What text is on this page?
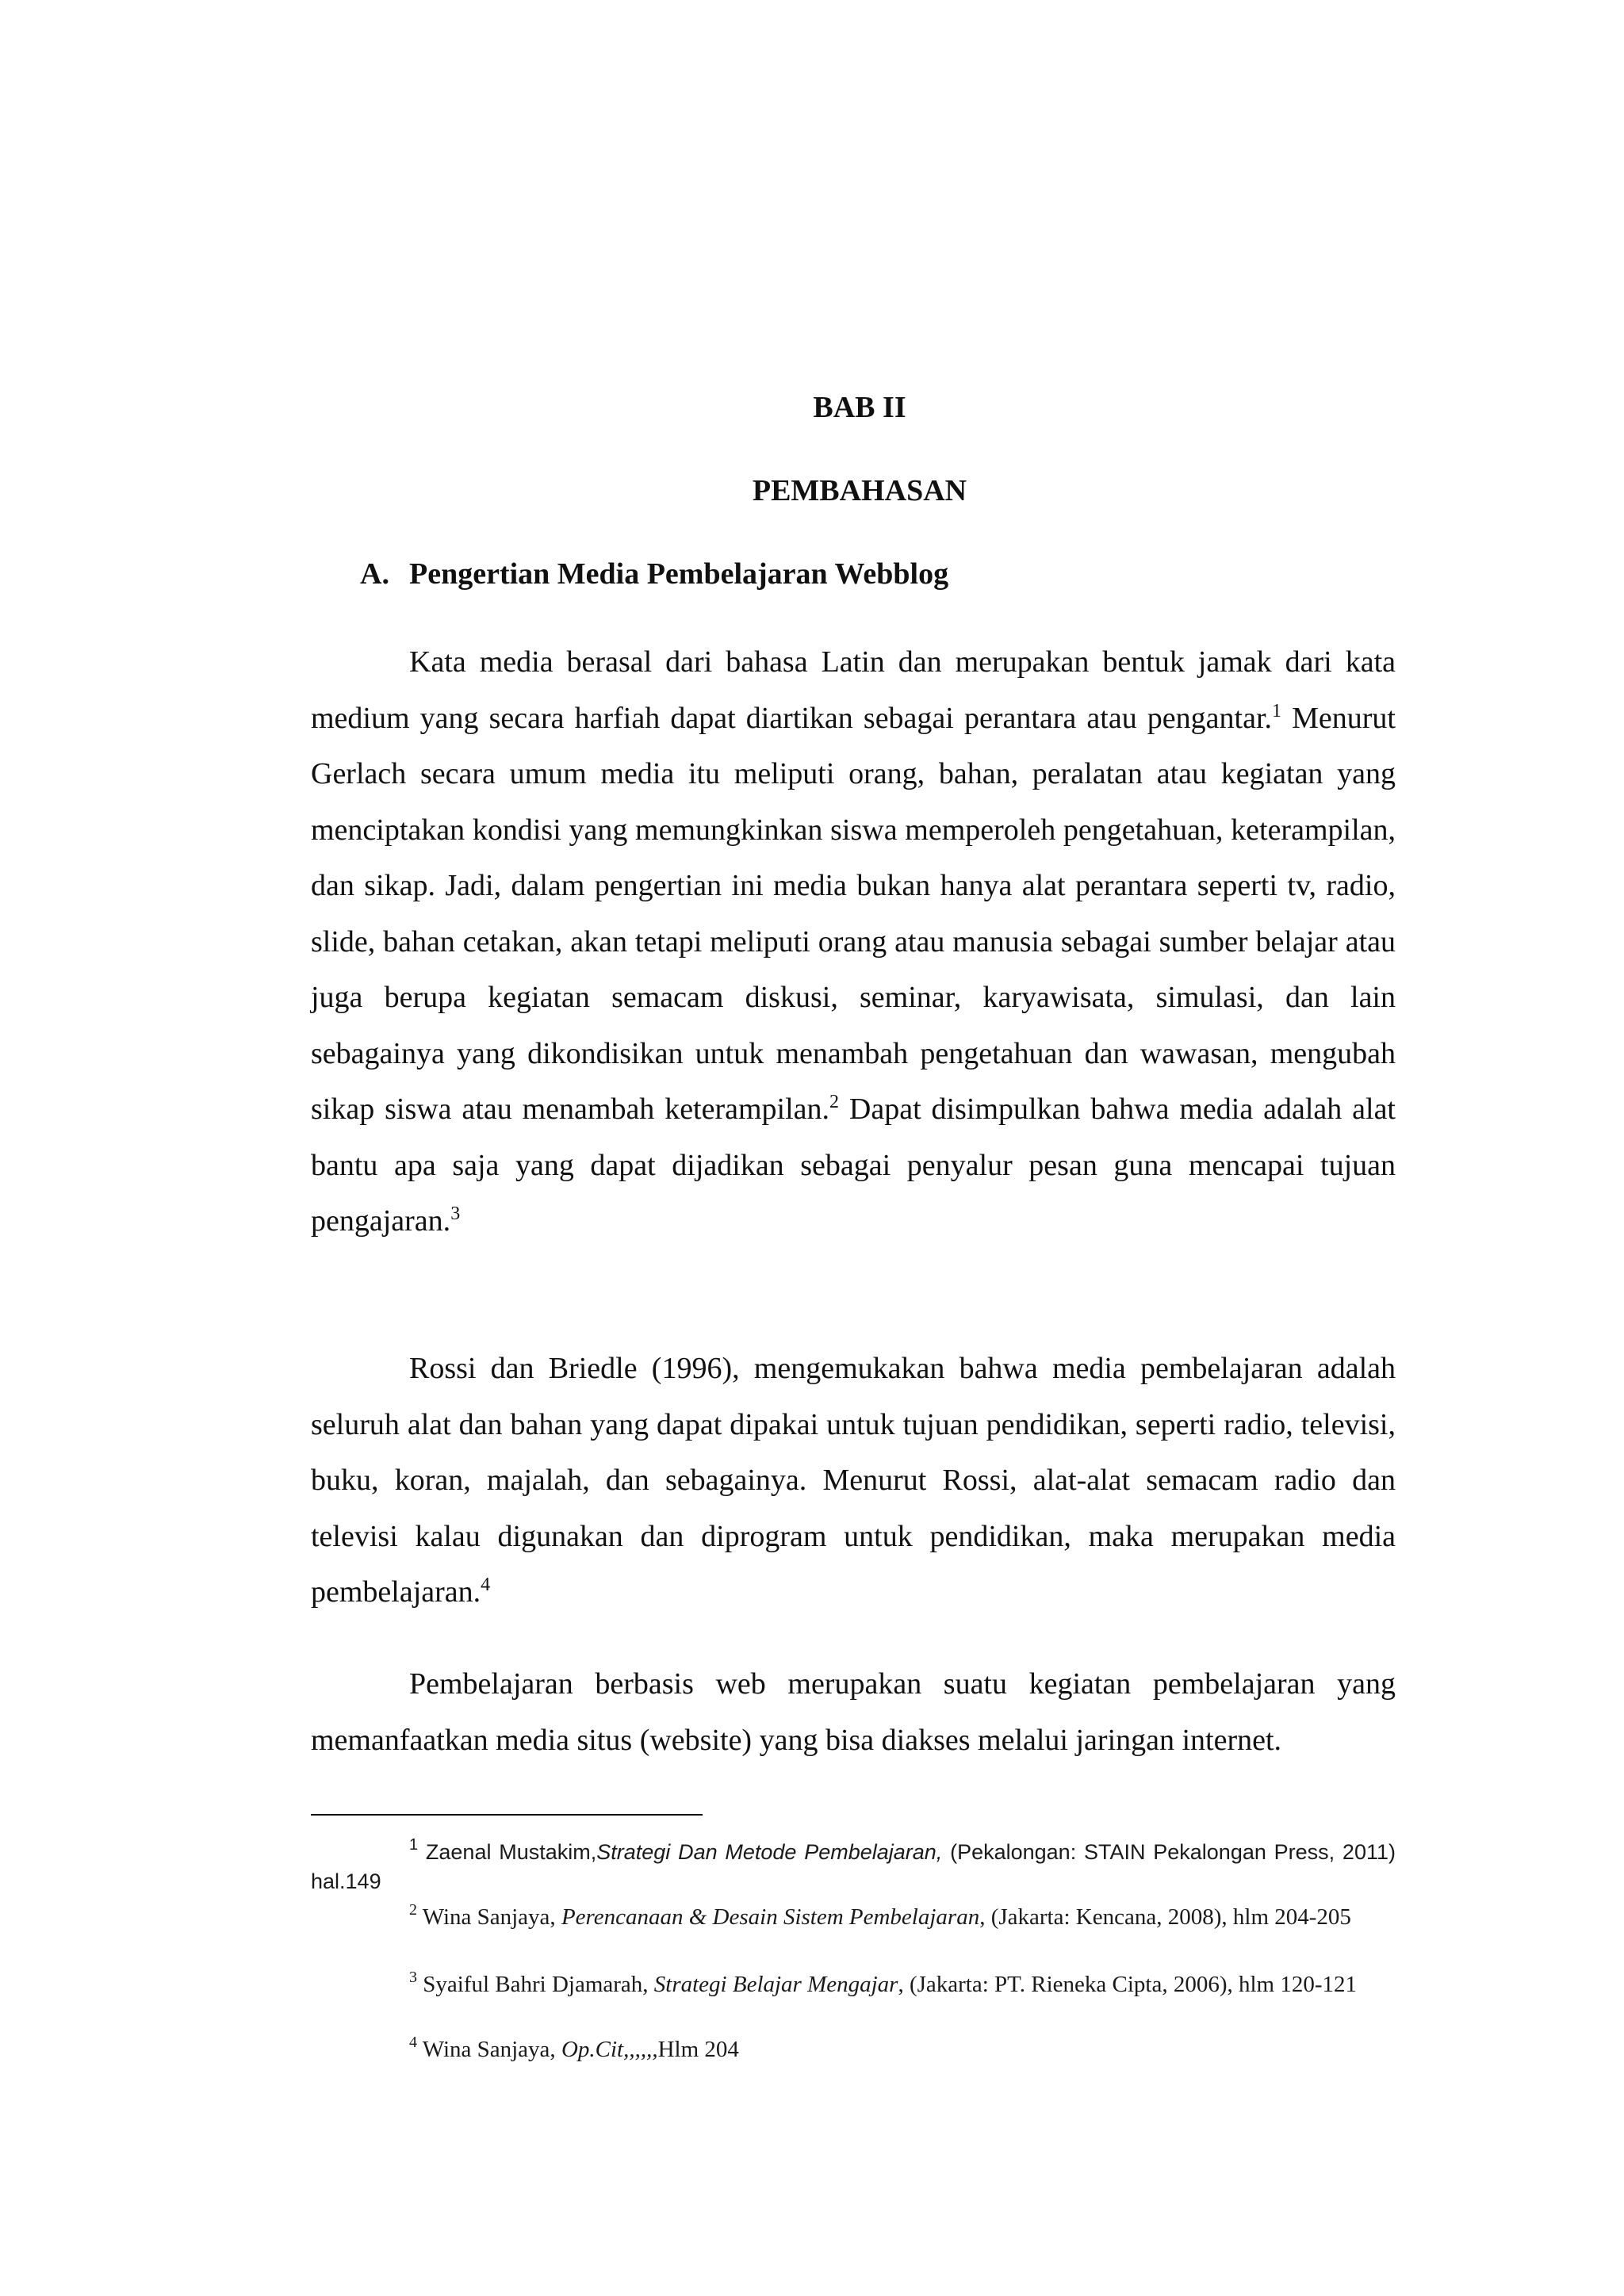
BAB II
PEMBAHASAN
A. Pengertian Media Pembelajaran Webblog

Kata media berasal dari bahasa Latin dan merupakan bentuk jamak dari kata medium yang secara harfiah dapat diartikan sebagai perantara atau pengantar.$^1$ Menurut Gerlach secara umum media itu meliputi orang, bahan, peralatan atau kegiatan yang menciptakan kondisi yang memungkinkan siswa memperoleh pengetahuan, keterampilan, dan sikap. Jadi, dalam pengertian ini media bukan hanya alat perantara seperti tv, radio, slide, bahan cetakan, akan tetapi meliputi orang atau manusia sebagai sumber belajar atau juga berupa kegiatan semacam diskusi, seminar, karyawisata, simulasi, dan lain sebagainya yang dikondisikan untuk menambah pengetahuan dan wawasan, mengubah sikap siswa atau menambah keterampilan.$^2$ Dapat disimpulkan bahwa media adalah alat bantu apa saja yang dapat dijadikan sebagai penyalur pesan guna mencapai tujuan pengajaran.$^3$

Rossi dan Briedle (1996), mengemukakan bahwa media pembelajaran adalah seluruh alat dan bahan yang dapat dipakai untuk tujuan pendidikan, seperti radio, televisi, buku, koran, majalah, dan sebagainya. Menurut Rossi, alat-alat semacam radio dan televisi kalau digunakan dan diprogram untuk pendidikan, maka merupakan media pembelajaran.$^4$

Pembelajaran berbasis web merupakan suatu kegiatan pembelajaran yang memanfaatkan media situs (website) yang bisa diakses melalui jaringan internet.

$^1$ Zaenal Mustakim,Strategi Dan Metode Pembelajaran, (Pekalongan: STAIN Pekalongan Press, 2011) hal.149

$^2$ Wina Sanjaya, Perencanaan & Desain Sistem Pembelajaran, (Jakarta: Kencana, 2008), hlm 204-205

$^3$ Syaiful Bahri Djamarah, Strategi Belajar Mengajar, (Jakarta: PT. Rieneka Cipta, 2006), hlm 120-121

$^4$ Wina Sanjaya, Op.Cit,,,,,,Hlm 204
